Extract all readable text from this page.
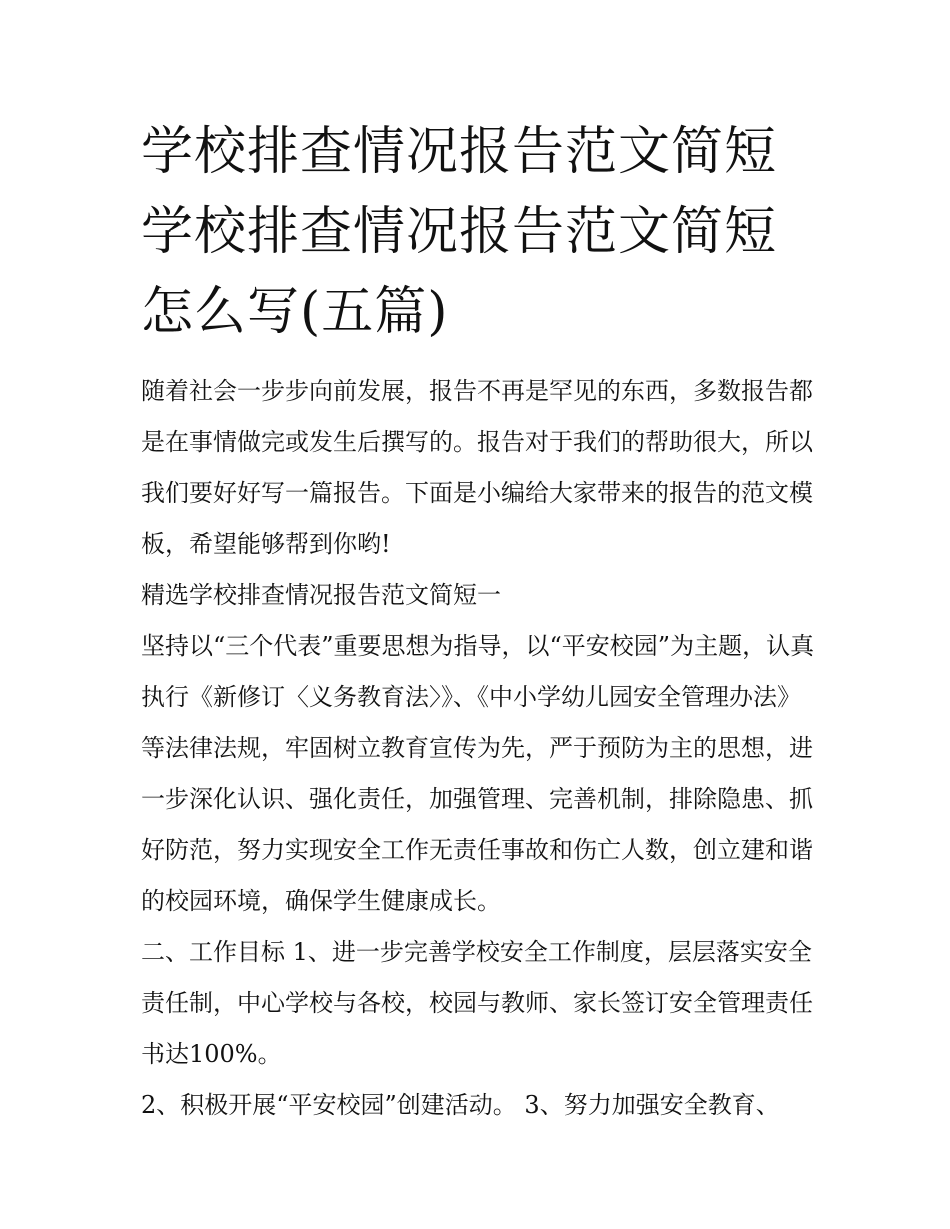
学校排查情况报告范文简短 学校排查情况报告范文简短怎么写(五篇)

随着社会一步步向前发展，报告不再是罕见的东西，多数报告都是在事情做完或发生后撰写的。报告对于我们的帮助很大，所以我们要好好写一篇报告。下面是小编给大家带来的报告的范文模板，希望能够帮到你哟!

精选学校排查情况报告范文简短一

坚持以“三个代表”重要思想为指导，以“平安校园”为主题，认真执行《新修订〈义务教育法〉》、《中小学幼儿园安全管理办法》等法律法规，牢固树立教育宣传为先，严于预防为主的思想，进一步深化认识、强化责任，加强管理、完善机制，排除隐患、抓好防范，努力实现安全工作无责任事故和伤亡人数，创立建和谐的校园环境，确保学生健康成长。

二、工作目标 1、进一步完善学校安全工作制度，层层落实安全责任制，中心学校与各校，校园与教师、家长签订安全管理责任书达100%。

2、积极开展“平安校园”创建活动。 3、努力加强安全教育、
